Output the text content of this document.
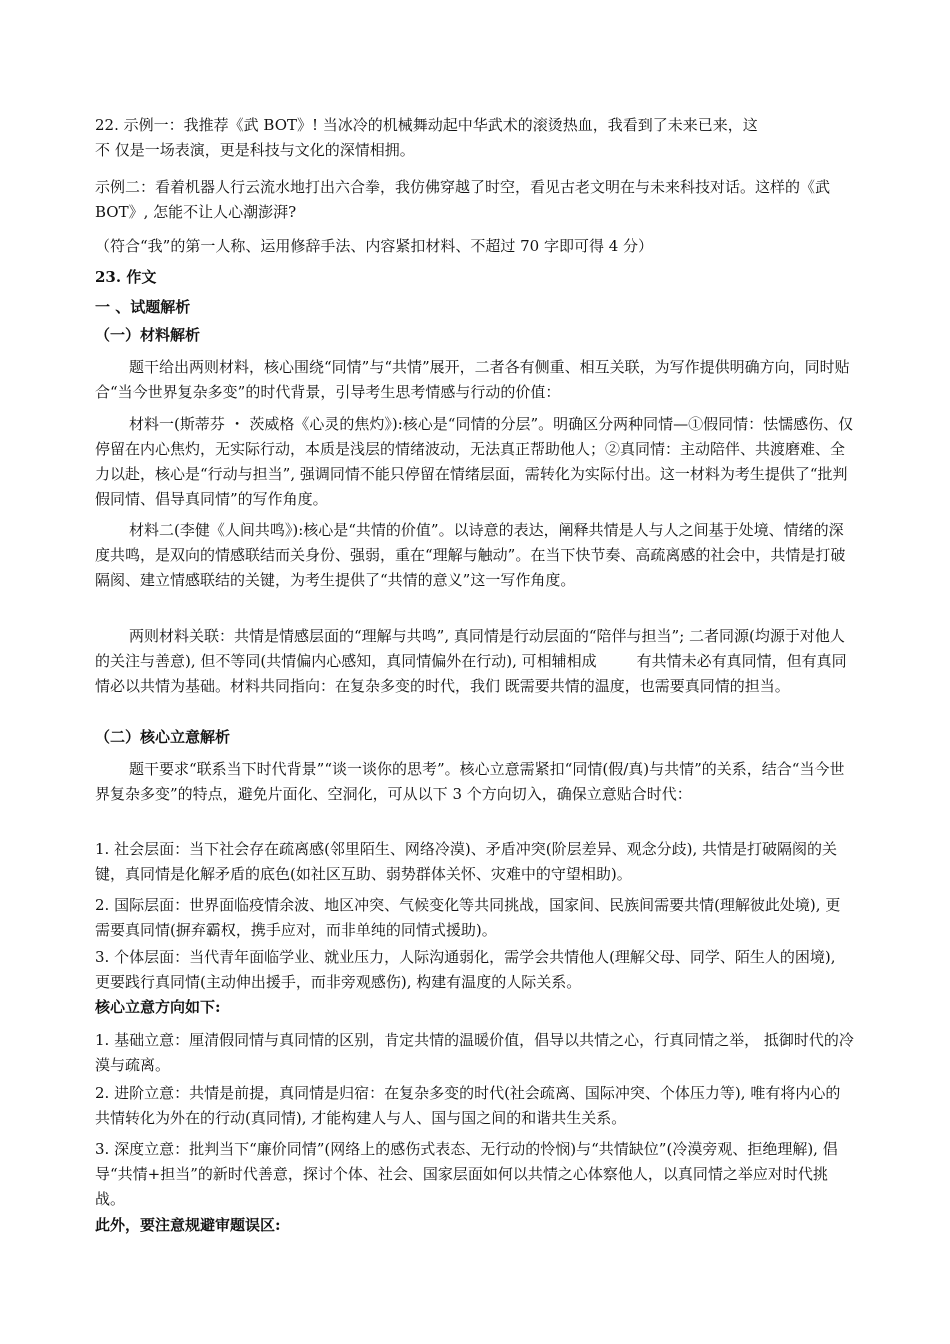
22. 示例一：我推荐《武 BOT》! 当冰冷的机械舞动起中华武术的滚烫热血，我看到了未来已来，这
不 仅是一场表演，更是科技与文化的深情相拥。

示例二：看着机器人行云流水地打出六合拳，我仿佛穿越了时空，看见古老文明在与未来科技对话。这样的《武 BOT》, 怎能不让人心潮澎湃?

（符合“我”的第一人称、运用修辞手法、内容紧扣材料、不超过 70 字即可得 4 分）

23. 作文

一 、试题解析

（一）材料解析

题干给出两则材料，核心围绕“同情”与“共情”展开，二者各有侧重、相互关联，为写作提供明确方向，同时贴合“当今世界复杂多变”的时代背景，引导考生思考情感与行动的价值：

材料一(斯蒂芬 ・ 茨威格《心灵的焦灼》):核心是“同情的分层”。明确区分两种同情—①假同情：怯懦感伤、仅停留在内心焦灼，无实际行动，本质是浅层的情绪波动，无法真正帮助他人；②真同情：主动陪伴、共渡磨难、全力以赴，核心是“行动与担当”, 强调同情不能只停留在情绪层面，需转化为实际付出。这一材料为考生提供了“批判假同情、倡导真同情”的写作角度。

材料二(李健《人间共鸣》):核心是“共情的价值”。以诗意的表达，阐释共情是人与人之间基于处境、情绪的深度共鸣，是双向的情感联结而关身份、强弱，重在“理解与触动”。在当下快节奏、高疏离感的社会中，共情是打破隔阂、建立情感联结的关键，为考生提供了“共情的意义”这一写作角度。

两则材料关联：共情是情感层面的“理解与共鸣”, 真同情是行动层面的“陪伴与担当”; 二者同源(均源于对他人的关注与善意), 但不等同(共情偏内心感知，真同情偏外在行动), 可相辅相成	有共情未必有真同情，但有真同情必以共情为基础。材料共同指向：在复杂多变的时代，我们 既需要共情的温度，也需要真同情的担当。

（二）核心立意解析

题干要求“联系当下时代背景”“谈一谈你的思考”。核心立意需紧扣“同情(假/真)与共情”的关系，结合“当今世界复杂多变”的特点，避免片面化、空洞化，可从以下 3 个方向切入，确保立意贴合时代：

1. 社会层面：当下社会存在疏离感(邻里陌生、网络冷漠)、矛盾冲突(阶层差异、观念分歧), 共情是打破隔阂的关键，真同情是化解矛盾的底色(如社区互助、弱势群体关怀、灾难中的守望相助)。

2. 国际层面：世界面临疫情余波、地区冲突、气候变化等共同挑战，国家间、民族间需要共情(理解彼此处境), 更需要真同情(摒弃霸权，携手应对，而非单纯的同情式援助)。

3. 个体层面：当代青年面临学业、就业压力，人际沟通弱化，需学会共情他人(理解父母、同学、陌生人的困境), 更要践行真同情(主动伸出援手，而非旁观感伤), 构建有温度的人际关系。

核心立意方向如下:

1. 基础立意：厘清假同情与真同情的区别，肯定共情的温暖价值，倡导以共情之心，行真同情之举， 抵御时代的冷漠与疏离。

2. 进阶立意：共情是前提，真同情是归宿：在复杂多变的时代(社会疏离、国际冲突、个体压力等), 唯有将内心的共情转化为外在的行动(真同情), 才能构建人与人、国与国之间的和谐共生关系。

3. 深度立意：批判当下“廉价同情”(网络上的感伤式表态、无行动的怜悯)与“共情缺位”(冷漠旁观、拒绝理解), 倡导“共情+担当”的新时代善意，探讨个体、社会、国家层面如何以共情之心体察他人，以真同情之举应对时代挑战。

此外，要注意规避审题误区:
